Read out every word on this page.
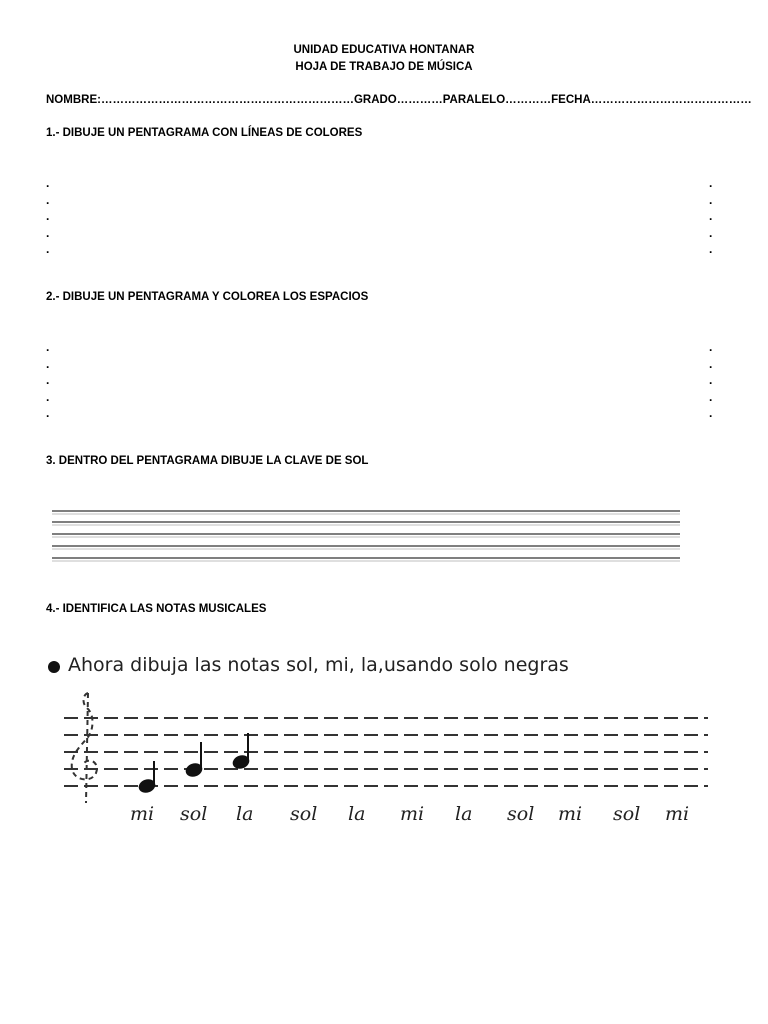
UNIDAD EDUCATIVA HONTANAR
HOJA DE TRABAJO DE MÚSICA
NOMBRE:…………………………………………………………GRADO…………PARALELO…………FECHA……………………………………
1.- DIBUJE UN PENTAGRAMA CON LÍNEAS DE COLORES
.
.
.
.
.
.
.
.
.
.
2.- DIBUJE UN PENTAGRAMA Y COLOREA LOS ESPACIOS
.
.
.
.
.
.
.
.
.
.
3. DENTRO DEL PENTAGRAMA DIBUJE LA CLAVE DE SOL
4.- IDENTIFICA LAS NOTAS MUSICALES
Ahora dibuja las notas sol, mi, la,usando solo negras
mi sol la sol la mi la sol mi sol mi
